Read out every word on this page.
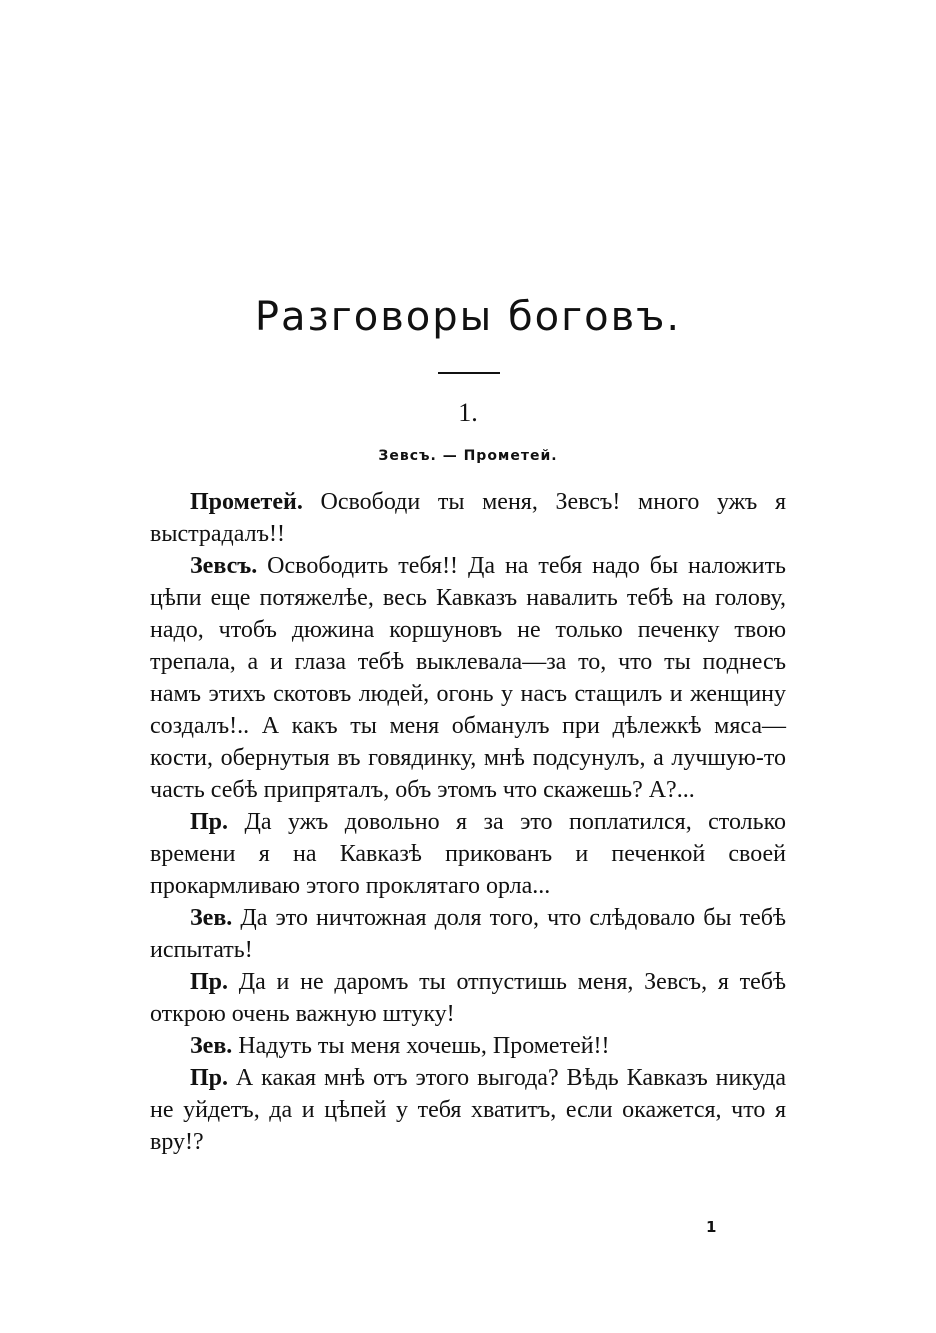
Разговоры боговъ.
1.
Зевсъ. — Прометей.

Прометей. Освободи ты меня, Зевсъ! много ужъ я выстрадалъ!!

Зевсъ. Освободить тебя!! Да на тебя надо бы наложить цѣпи еще потяжелѣе, весь Кавказъ навалить тебѣ на голову, надо, чтобъ дюжина коршуновъ не только печенку твою трепала, а и глаза тебѣ выклевала—за то, что ты поднесъ намъ этихъ скотовъ людей, огонь у насъ стащилъ и женщину создалъ!.. А какъ ты меня обманулъ при дѣлежкѣ мяса—кости, обернутыя въ говядинку, мнѣ подсунулъ, а лучшую-то часть себѣ припряталъ, объ этомъ что скажешь? А?...

Пр. Да ужъ довольно я за это поплатился, столько времени я на Кавказѣ прикованъ и печенкой своей прокармливаю этого проклятаго орла...

Зев. Да это ничтожная доля того, что слѣдовало бы тебѣ испытать!

Пр. Да и не даромъ ты отпустишь меня, Зевсъ, я тебѣ открою очень важную штуку!

Зев. Надуть ты меня хочешь, Прометей!!

Пр. А какая мнѣ отъ этого выгода? Вѣдь Кавказъ никуда не уйдетъ, да и цѣпей у тебя хватитъ, если окажется, что я вру!?

1
